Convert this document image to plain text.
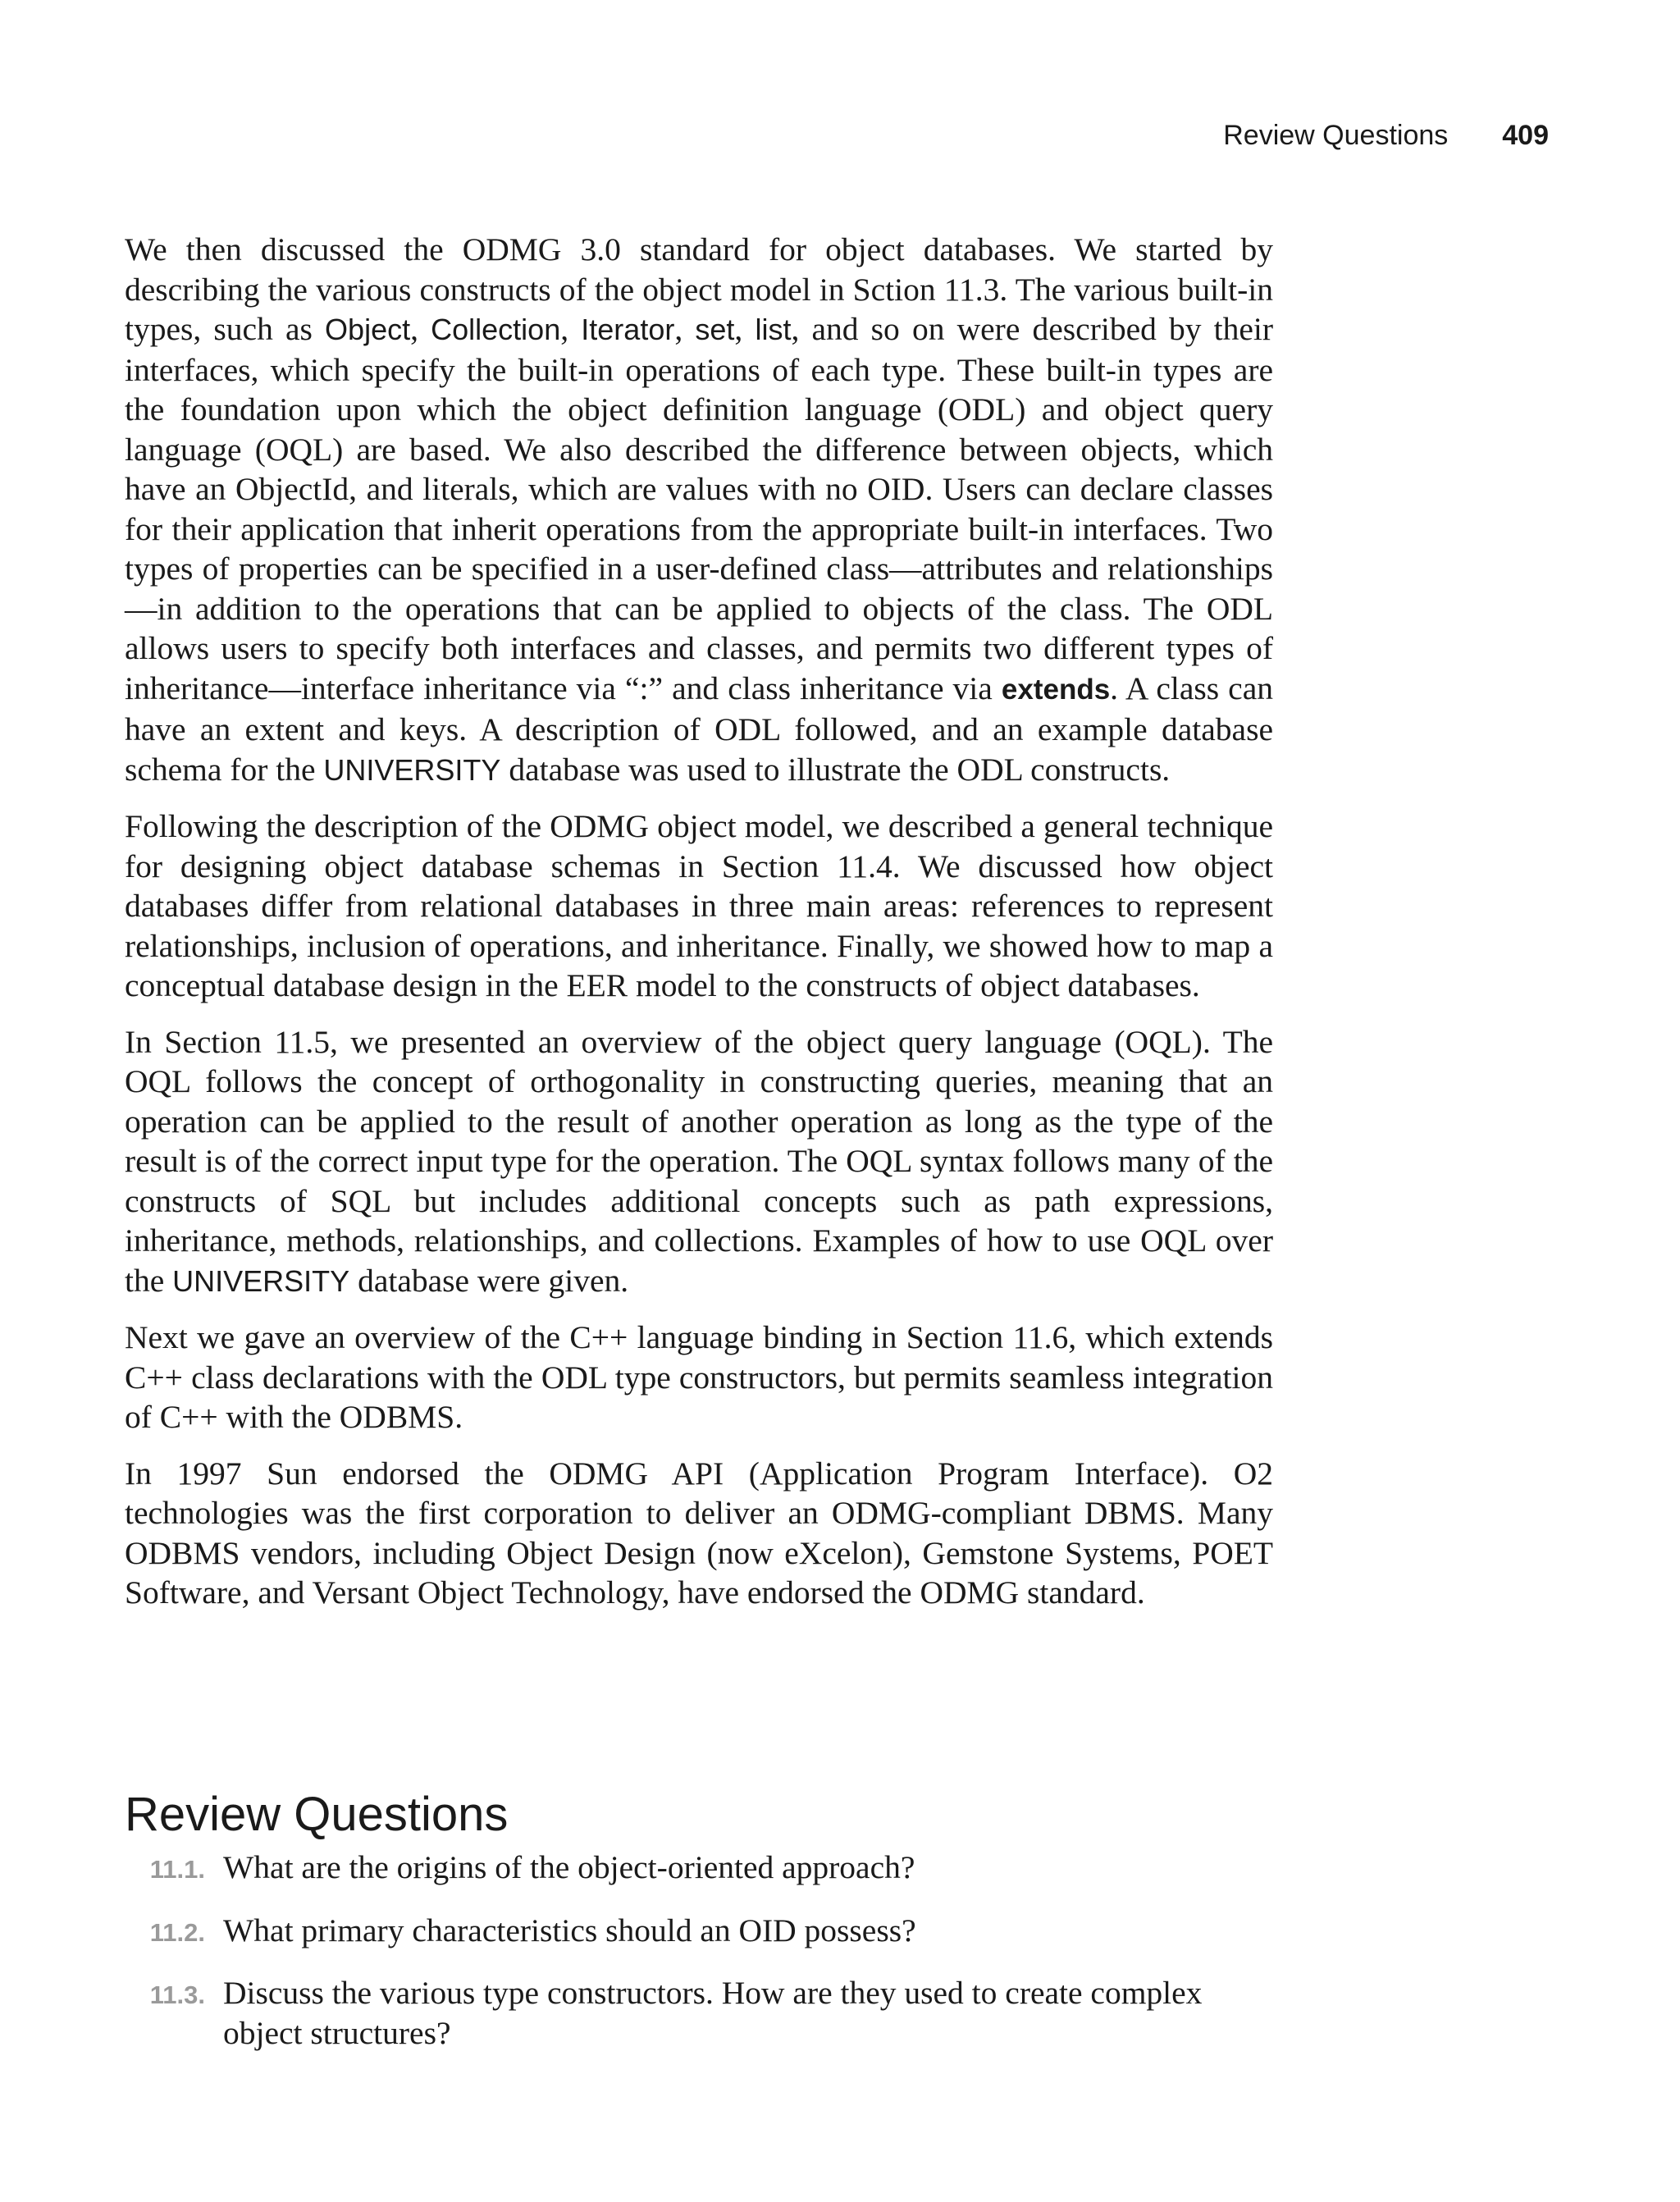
Review Questions 409

We then discussed the ODMG 3.0 standard for object databases. We started by describing the various constructs of the object model in Sction 11.3. The various built-in types, such as Object, Collection, Iterator, set, list, and so on were described by their interfaces, which specify the built-in operations of each type. These built-in types are the foundation upon which the object definition language (ODL) and object query language (OQL) are based. We also described the difference between objects, which have an ObjectId, and literals, which are values with no OID. Users can declare classes for their application that inherit operations from the appropriate built-in interfaces. Two types of properties can be specified in a user-defined class—attributes and relationships—in addition to the operations that can be applied to objects of the class. The ODL allows users to specify both interfaces and classes, and permits two different types of inheritance—interface inheritance via “:” and class inheritance via extends. A class can have an extent and keys. A description of ODL followed, and an example database schema for the UNIVERSITY database was used to illustrate the ODL constructs.

Following the description of the ODMG object model, we described a general technique for designing object database schemas in Section 11.4. We discussed how object databases differ from relational databases in three main areas: references to represent relationships, inclusion of operations, and inheritance. Finally, we showed how to map a conceptual database design in the EER model to the constructs of object databases.

In Section 11.5, we presented an overview of the object query language (OQL). The OQL follows the concept of orthogonality in constructing queries, meaning that an operation can be applied to the result of another operation as long as the type of the result is of the correct input type for the operation. The OQL syntax follows many of the constructs of SQL but includes additional concepts such as path expressions, inheritance, methods, relationships, and collections. Examples of how to use OQL over the UNIVERSITY database were given.

Next we gave an overview of the C++ language binding in Section 11.6, which extends C++ class declarations with the ODL type constructors, but permits seamless integration of C++ with the ODBMS.

In 1997 Sun endorsed the ODMG API (Application Program Interface). O2 technologies was the first corporation to deliver an ODMG-compliant DBMS. Many ODBMS vendors, including Object Design (now eXcelon), Gemstone Systems, POET Software, and Versant Object Technology, have endorsed the ODMG standard.

Review Questions
11.1. What are the origins of the object-oriented approach?
11.2. What primary characteristics should an OID possess?
11.3. Discuss the various type constructors. How are they used to create complex object structures?
